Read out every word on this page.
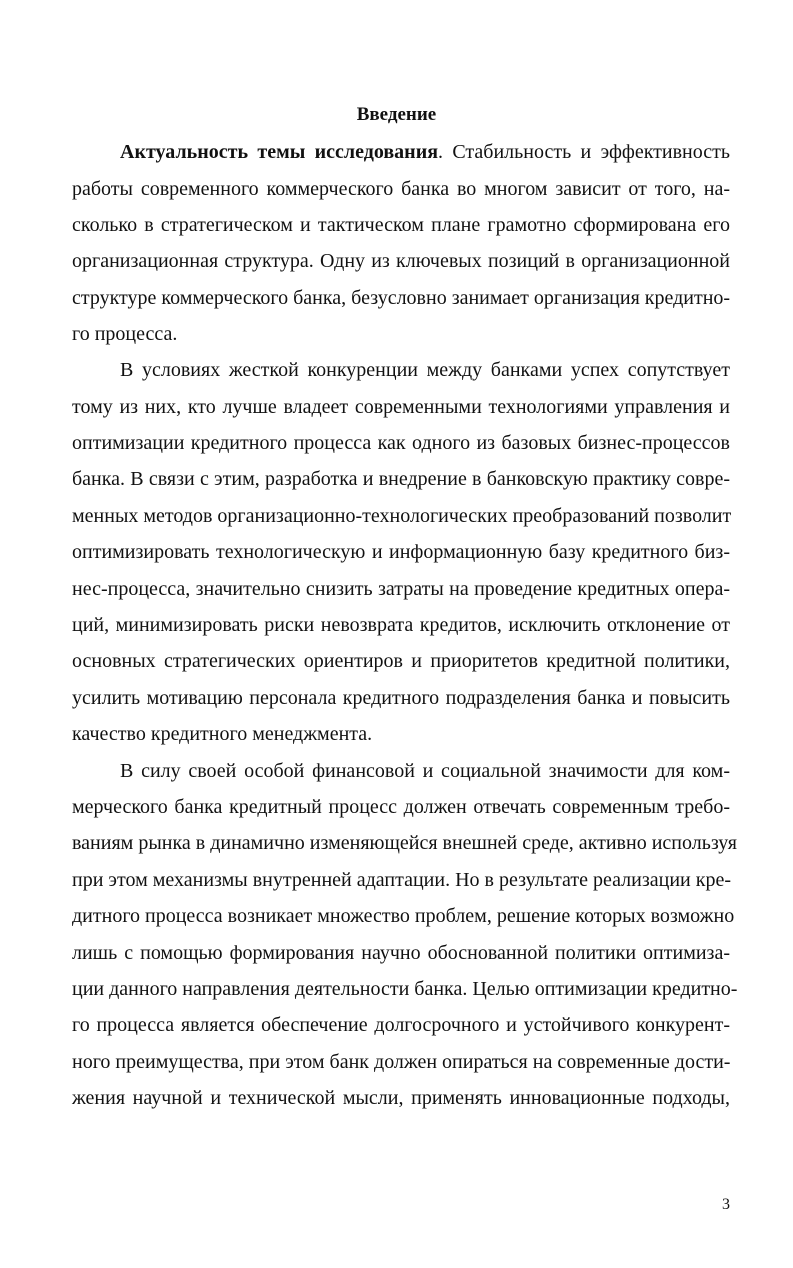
Введение
Актуальность темы исследования. Стабильность и эффективность
работы современного коммерческого банка во многом зависит от того, на-
сколько в стратегическом и тактическом плане грамотно сформирована его
организационная структура. Одну из ключевых позиций в организационной
структуре коммерческого банка, безусловно занимает организация кредитно-
го процесса.
В условиях жесткой конкуренции между банками успех сопутствует
тому из них, кто лучше владеет современными технологиями управления и
оптимизации кредитного процесса как одного из базовых бизнес-процессов
банка. В связи с этим, разработка и внедрение в банковскую практику совре-
менных методов организационно-технологических преобразований позволит
оптимизировать технологическую и информационную базу кредитного биз-
нес-процесса, значительно снизить затраты на проведение кредитных опера-
ций, минимизировать риски невозврата кредитов, исключить отклонение от
основных стратегических ориентиров и приоритетов кредитной политики,
усилить мотивацию персонала кредитного подразделения банка и повысить
качество кредитного менеджмента.
В силу своей особой финансовой и социальной значимости для ком-
мерческого банка кредитный процесс должен отвечать современным требо-
ваниям рынка в динамично изменяющейся внешней среде, активно используя
при этом механизмы внутренней адаптации. Но в результате реализации кре-
дитного процесса возникает множество проблем, решение которых возможно
лишь с помощью формирования научно обоснованной политики оптимиза-
ции данного направления деятельности банка. Целью оптимизации кредитно-
го процесса является обеспечение долгосрочного и устойчивого конкурент-
ного преимущества, при этом банк должен опираться на современные дости-
жения научной и технической мысли, применять инновационные подходы,
3
